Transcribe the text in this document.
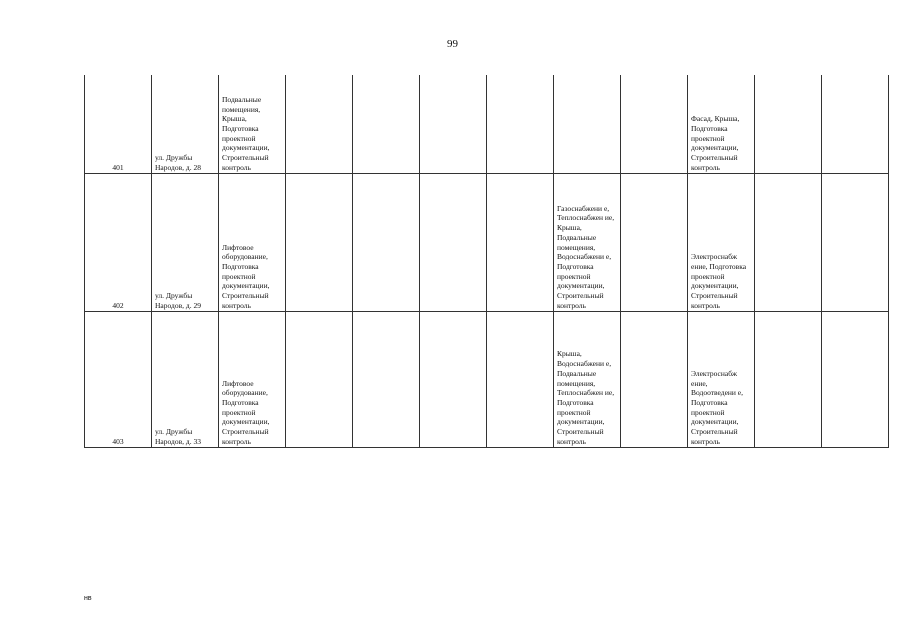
99
401	ул. Дружбы
Народов, д. 28	Подвальные помещения, Крыша, Подготовка проектной документации, Строительный контроль							Фасад, Крыша, Подготовка проектной документации, Строительный контроль		

402	ул. Дружбы
Народов, д. 29	Лифтовое оборудование, Подготовка проектной документации, Строительный контроль					Газоснабжени е, Теплоснабжен ие, Крыша, Подвальные помещения, Водоснабжени е, Подготовка проектной документации, Строительный контроль		Электроснабж ение, Подготовка проектной документации, Строительный контроль		

403	ул. Дружбы
Народов, д. 33	Лифтовое оборудование, Подготовка проектной документации, Строительный контроль					Крыша, Водоснабжени е, Подвальные помещения, Теплоснабжен ие, Подготовка проектной документации, Строительный контроль		Электроснабж ение, Водоотведени е, Подготовка проектной документации, Строительный контроль		

нв
